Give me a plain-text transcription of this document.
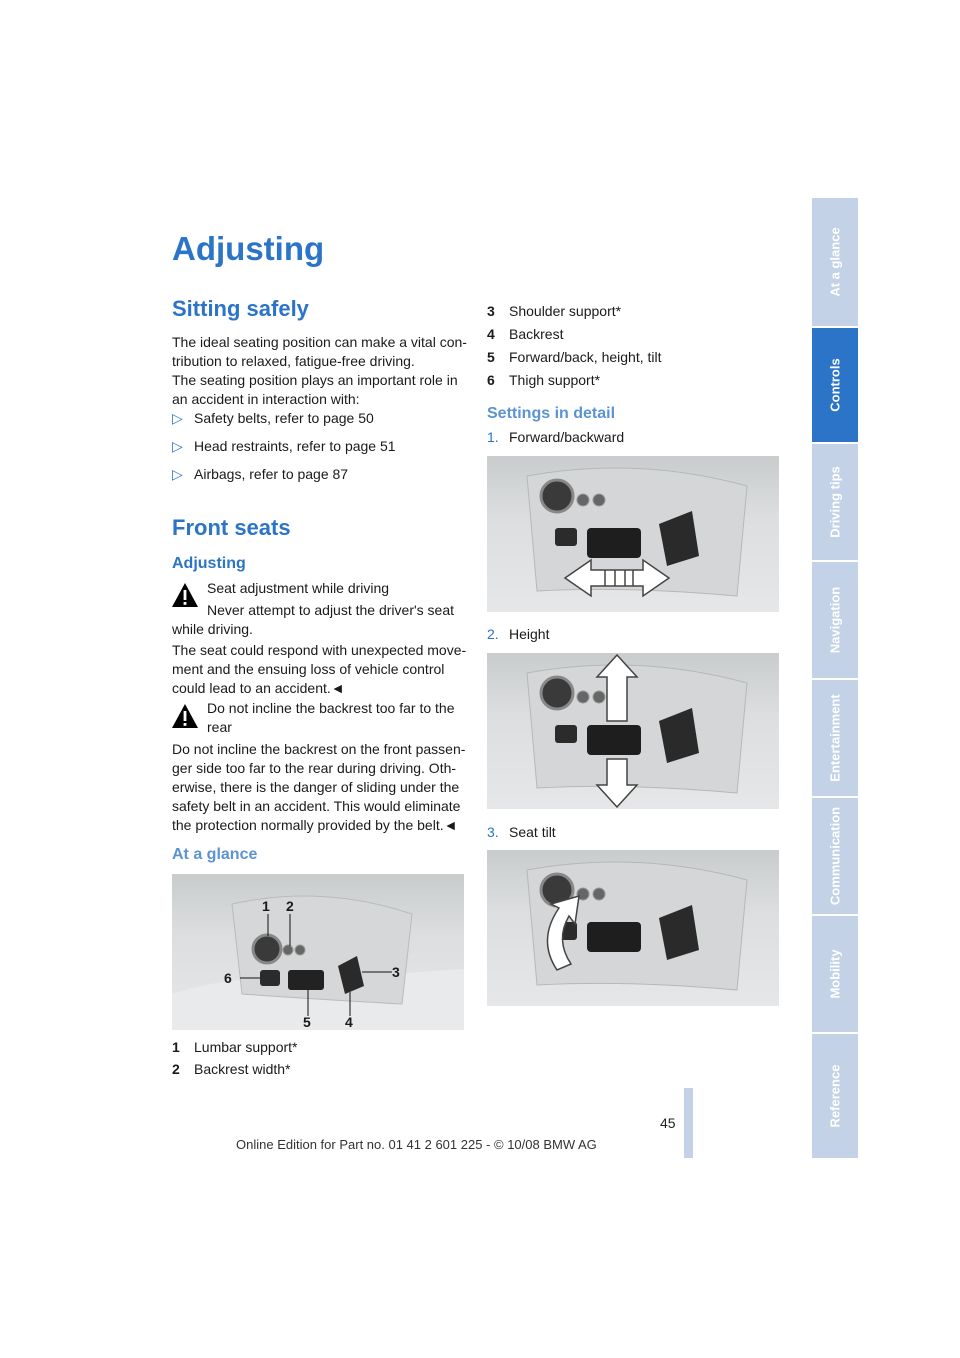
Adjusting
Sitting safely
The ideal seating position can make a vital con-
tribution to relaxed, fatigue-free driving.
The seating position plays an important role in
an accident in interaction with:
▷ Safety belts, refer to page 50
▷ Head restraints, refer to page 51
▷ Airbags, refer to page 87
Front seats
Adjusting
Seat adjustment while driving
Never attempt to adjust the driver's seat
while driving.
The seat could respond with unexpected move-
ment and the ensuing loss of vehicle control
could lead to an accident.◄
Do not incline the backrest too far to the
rear
Do not incline the backrest on the front passen-
ger side too far to the rear during driving. Oth-
erwise, there is the danger of sliding under the
safety belt in an accident. This would eliminate
the protection normally provided by the belt.◄
At a glance
1 2
3
4
5
6
1 Lumbar support*
2 Backrest width*
3 Shoulder support*
4 Backrest
5 Forward/back, height, tilt
6 Thigh support*
Settings in detail
1. Forward/backward
2. Height
3. Seat tilt
At a glance
Controls
Driving tips
Navigation
Entertainment
Communication
Mobility
Reference
45
Online Edition for Part no. 01 41 2 601 225 - © 10/08 BMW AG
